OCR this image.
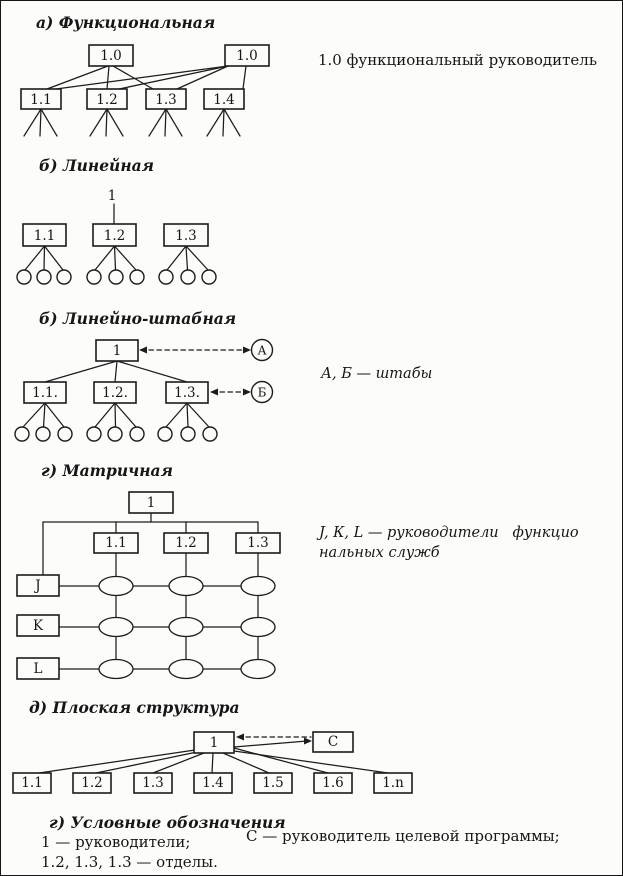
а) Функциональная
1.0	1.0
1.1	1.2	1.3	1.4
1.0 функциональный руководитель
б) Линейная
1
1.1	1.2	1.3
б) Линейно-штабная
1	А
Б
1.1.	1.2.	1.3.
А, Б — штабы
г) Матричная
1
1.1	1.2	1.3
J
K
L
J, К, L — руководители   функцио
нальных служб
д) Плоская структура
1	С
1.1	1.2	1.3	1.4	1.5	1.6	1.n
г) Условные обозначения
1 — руководители;
1.2, 1.3, 1.3 — отделы.
С — руководитель целевой программы;
